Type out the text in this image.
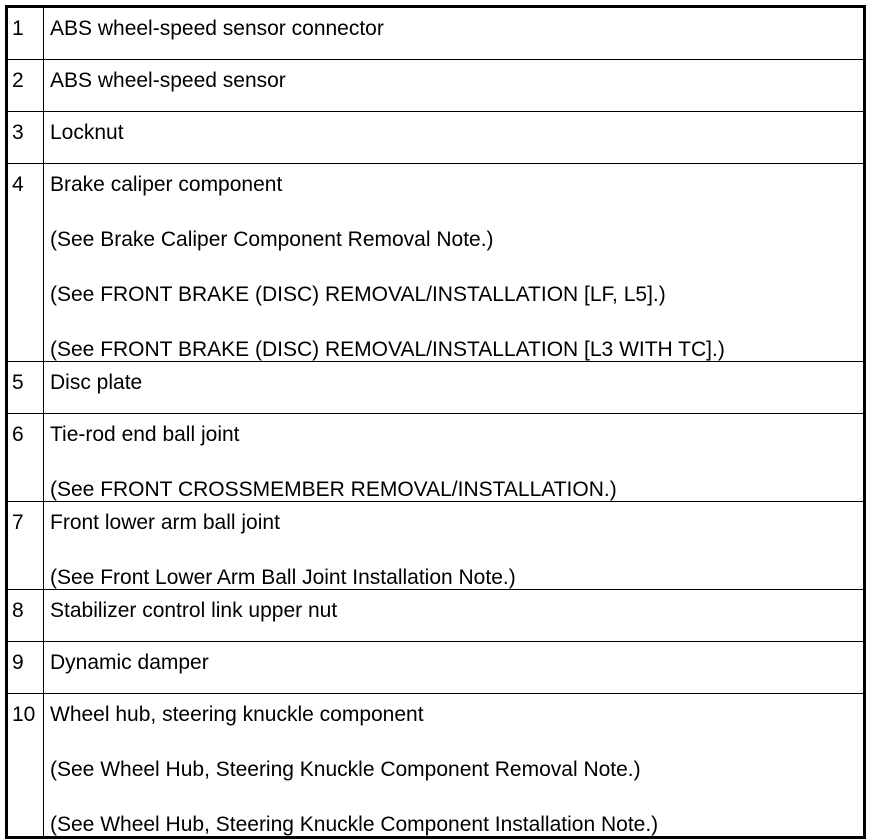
1	ABS wheel-speed sensor connector

2	ABS wheel-speed sensor

3	Locknut

4	Brake caliper component
(See Brake Caliper Component Removal Note.)
(See FRONT BRAKE (DISC) REMOVAL/INSTALLATION [LF, L5].)
(See FRONT BRAKE (DISC) REMOVAL/INSTALLATION [L3 WITH TC].)

5	Disc plate

6	Tie-rod end ball joint
(See FRONT CROSSMEMBER REMOVAL/INSTALLATION.)

7	Front lower arm ball joint
(See Front Lower Arm Ball Joint Installation Note.)

8	Stabilizer control link upper nut

9	Dynamic damper

10	Wheel hub, steering knuckle component
(See Wheel Hub, Steering Knuckle Component Removal Note.)
(See Wheel Hub, Steering Knuckle Component Installation Note.)
